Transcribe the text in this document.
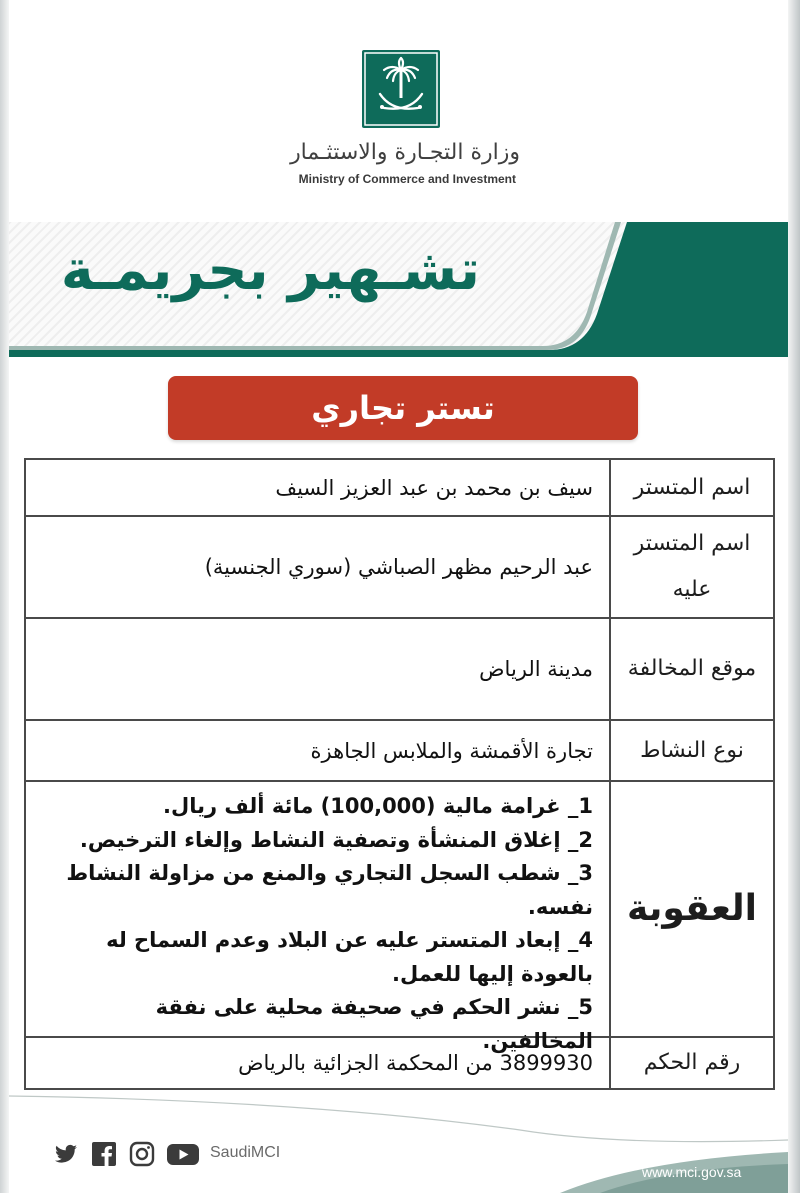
وزارة التجـارة والاستثـمار
Ministry of Commerce and Investment
تشـهير بجريمـة
تستر تجاري
اسم المتستر
سيف بن محمد بن عبد العزيز السيف
اسم المتستر عليه
عبد الرحيم مظهر الصباشي (سوري الجنسية)
موقع المخالفة
مدينة الرياض
نوع النشاط
تجارة الأقمشة والملابس الجاهزة
العقوبة
1_ غرامة مالية (100,000) مائة ألف ريال.
2_ إغلاق المنشأة وتصفية النشاط وإلغاء الترخيص.
3_ شطب السجل التجاري والمنع من مزاولة النشاط نفسه.
4_ إبعاد المتستر عليه عن البلاد وعدم السماح له بالعودة إليها للعمل.
5_ نشر الحكم في صحيفة محلية على نفقة المخالفين.
رقم الحكم
3899930 من المحكمة الجزائية بالرياض
SaudiMCI
www.mci.gov.sa
